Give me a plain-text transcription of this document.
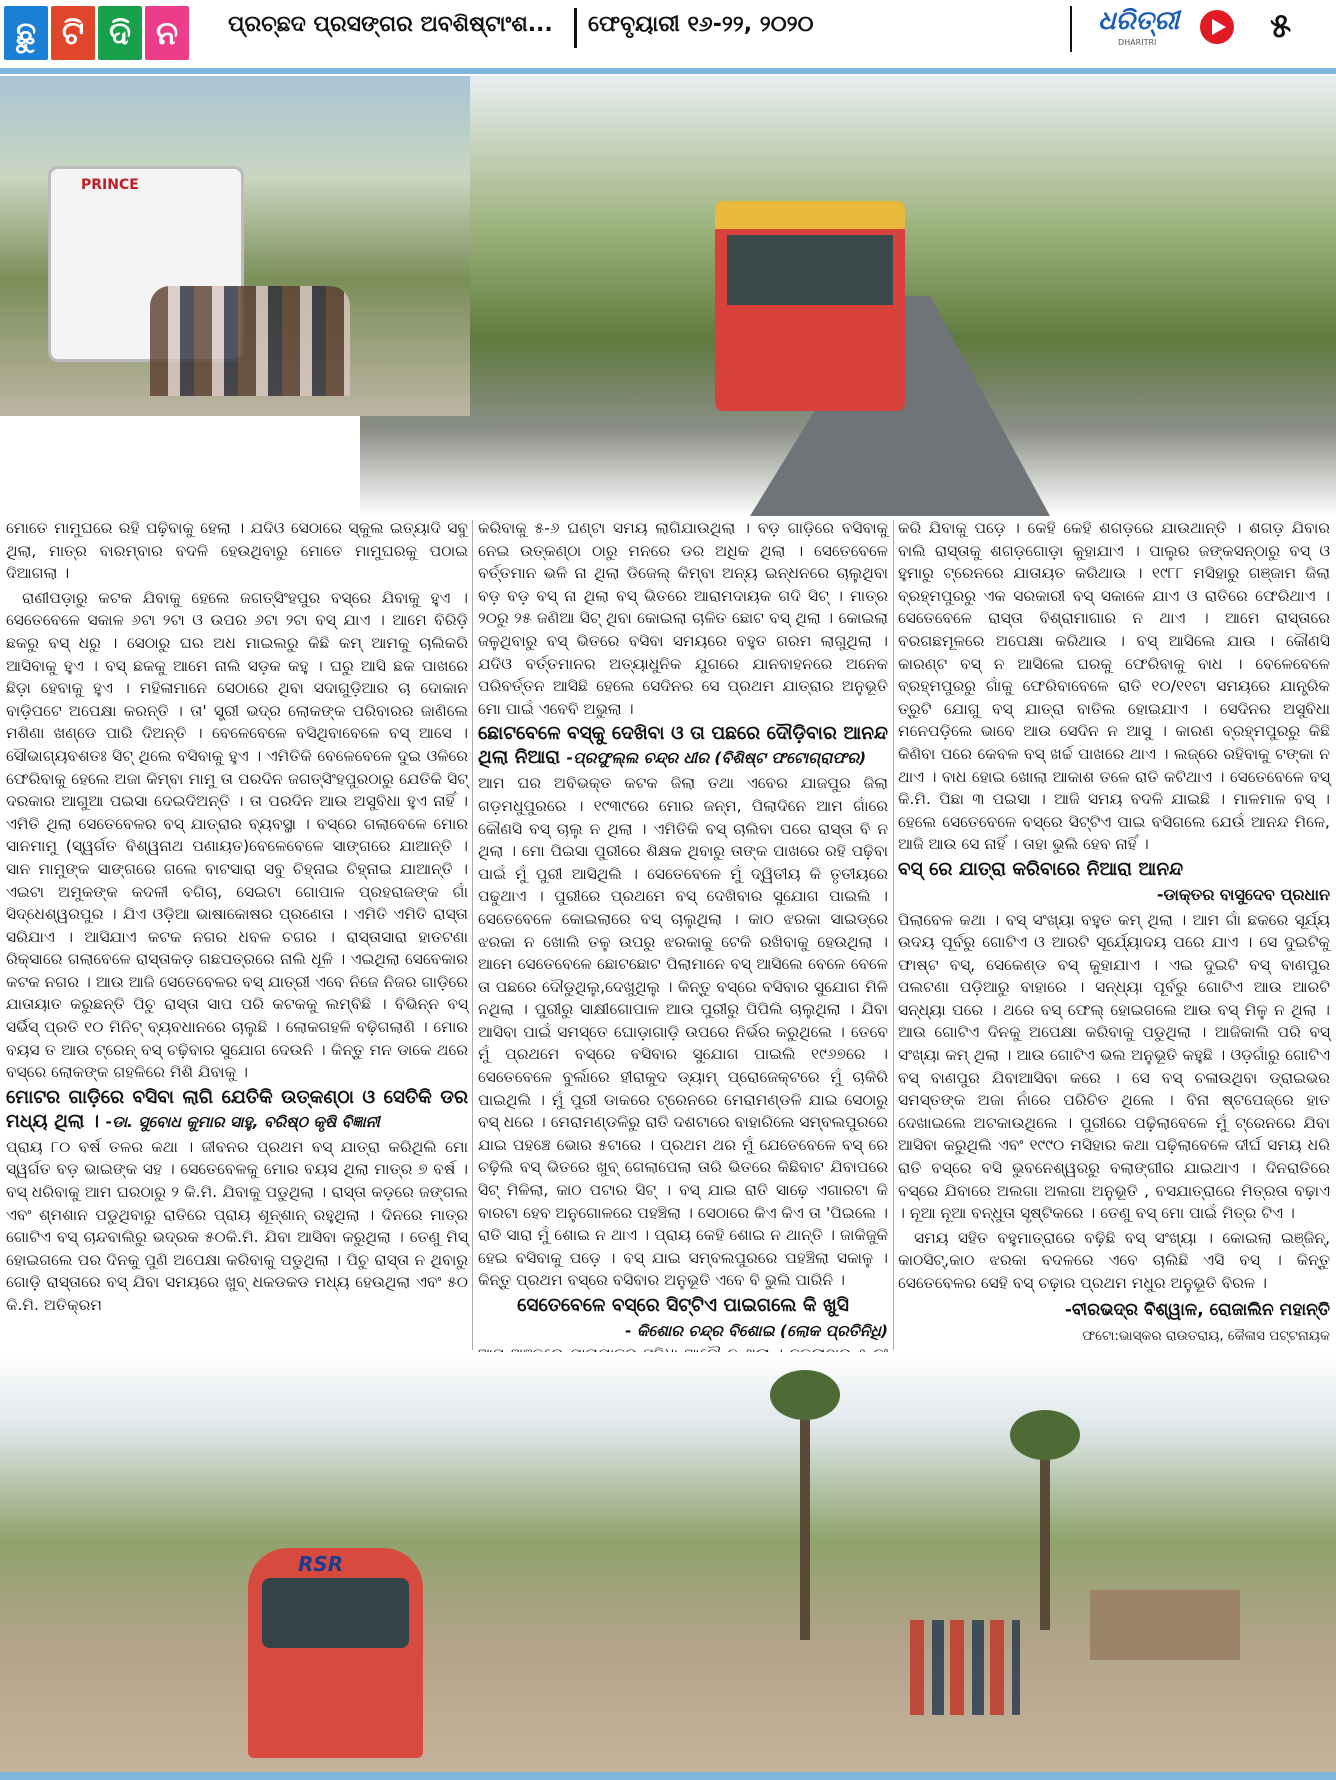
ଛୁ ଟି ଦି ନ	ପ୍ରଚ୍ଛଦ ପ୍ରସଙ୍ଗର ଅବଶିଷ୍ଟାଂଶ... ଫେବୃୟାରୀ ୧୬-୨୨, ୨୦୨୦	ଧରିତ୍ରୀ
DHARITRI	୫
PRINCE

ମୋତେ ମାମୁଘରେ ରହି ପଢ଼ିବାକୁ ହେଲା । ଯଦିଓ ସେଠାରେ ସ୍କୁଲ ଇତ୍ୟାଦି ସବୁ ଥିଲା, ମାତ୍ର ବାରମ୍ବାର ବଦଳି ହେଉଥିବାରୁ ମୋତେ ମାମୁଘରକୁ ପଠାଇ ଦିଆଗଲା ।

ରାଣୀପଡ଼ାରୁ କଟକ ଯିବାକୁ ହେଲେ ଜଗତ୍‌ସିଂହପୁର ବସ୍‌ରେ ଯିବାକୁ ହୁଏ । ସେତେବେଳେ ସକାଳ ୬ଟା ୨ଟା ଓ ଉପର ୬ଟା ୨ଟା ବସ୍ ଯାଏ । ଆମେ ବିରିଡ଼ି ଛକରୁ ବସ୍ ଧରୁ । ସେଠାରୁ ଘର ଅଧ ମାଇଲରୁ କିଛି କମ୍ ଆମକୁ ଚାଲିକରି ଆସିବାକୁ ହୁଏ । ବସ୍ ଛକକୁ ଆମେ ନାଲି ସଡ଼କ କହୁ । ଘରୁ ଆସି ଛକ ପାଖରେ ଛିଡ଼ା ହେବାକୁ ହୁଏ । ମହିଳାମାନେ ସେଠାରେ ଥିବା ସଦାଗୁଡ଼ିଆର ଚା ଦୋକାନ ବାଡ଼ିପଟେ ଅପେକ୍ଷା କରନ୍ତି । ତା' ସ୍ତ୍ରୀ ଭଦ୍ର ଲୋକଙ୍କ ପରିବାରର ଜାଣିଲେ ମଶିଣା ଖଣ୍ଡେ ପାରି ଦିଅନ୍ତି । ବେଳେବେଳେ ବସିଥିବାବେଳେ ବସ୍ ଆସେ । ସୌଭାଗ୍ୟବଶତଃ ସିଟ୍ ଥିଲେ ବସିବାକୁ ହୁଏ । ଏମିତିକି ବେଳେବେଳେ ଦୁଇ ଓଳିରେ ଫେରିବାକୁ ହେଲେ ଅଜା କିମ୍ବା ମାମୁ ତା ପରଦିନ ଜଗତ୍‌ସିଂହପୁରଠାରୁ ଯେତିକି ସିଟ୍ ଦରକାର ଆଗୁଆ ପଇସା ଦେଇଦିଅନ୍ତି । ତା ପରଦିନ ଆଉ ଅସୁବିଧା ହୁଏ ନାହିଁ । ଏମିତି ଥିଲା ସେତେବେଳର ବସ୍ ଯାତ୍ରାର ବ୍ୟବସ୍ଥା । ବସ୍‌ରେ ଗଲାବେଳେ ମୋର ସାନମାମୁ (ସ୍ୱର୍ଗତ ବିଶ୍ୱନାଥ ପଣାୟତ)ବେଳେବେଳେ ସାଙ୍ଗରେ ଯାଆନ୍ତି । ସାନ ମାମୁଙ୍କ ସାଙ୍ଗରେ ଗଲେ ବାଟସାରା ସବୁ ଚିହ୍ନାଇ ଚିହ୍ନାଇ ଯାଆନ୍ତି । ଏଇଟା ଅମୁକଙ୍କ କଦଳୀ ବଗିଚା, ସେଇଟା ଗୋପାଳ ପ୍ରହରାଜଙ୍କ ଗାଁ ସିଦ୍ଧେଶ୍ୱରପୁର । ଯିଏ ଓଡ଼ିଆ ଭାଷାକୋଷର ପ୍ରଣେତା । ଏମିତି ଏମିତି ରାସ୍ତା ସରିଯାଏ । ଆସିଯାଏ କଟକ ନଗର ଧବଳ ଚଗର । ରାସ୍ତାସାରା ହାତଟଣା ରିକ୍ସାରେ ଗଲାବେଳେ ରାସ୍ତାକଡ଼ ଗଛପତ୍ରରେ ନାଲି ଧୂଳି । ଏଇଥିଲା ସେବେକାର କଟକ ନଗର । ଆଉ ଆଜି ସେତେବେଳର ବସ୍ ଯାତ୍ରୀ ଏବେ ନିଜେ ନିଜର ଗାଡ଼ିରେ ଯାତାୟାତ କରୁଛନ୍ତି ପିଚୁ ରାସ୍ତା ସାପ ପରି କଟକକୁ ଲମ୍ବିଛି । ବିଭିନ୍ନ ବସ୍ ସର୍ଭିସ୍ ପ୍ରତି ୧୦ ମିନିଟ୍ ବ୍ୟବଧାନରେ ଚାଲୁଛି । ଲୋକଗହଳି ବଢ଼ିଗଲାଣି । ମୋର ବୟସ ତ ଆଉ ଟ୍ରେନ୍ ବସ୍ ଚଢ଼ିବାର ସୁଯୋଗ ଦେଉନି । କିନ୍ତୁ ମନ ଡାକେ ଥରେ ବସ୍‌ରେ ଲୋକଙ୍କ ଗହଳିରେ ମିଶି ଯିବାକୁ ।

ମୋଟର ଗାଡ଼ିରେ ବସିବା ଲାଗି ଯେତିକି ଉତ୍କଣ୍ଠା ଓ ସେତିକି ଡର ମଧ୍ୟ ଥିଲା । -ଡା. ସୁବୋଧ କୁମାର ସାହୁ, ବରିଷ୍ଠ କୃଷି ବିଜ୍ଞାନୀ

ପ୍ରାୟ ୮୦ ବର୍ଷ ତଳର କଥା । ଜୀବନର ପ୍ରଥମ ବସ୍ ଯାତ୍ରା କରିଥିଲି ମୋ ସ୍ୱର୍ଗତ ବଡ଼ ଭାଇଙ୍କ ସହ । ସେତେବେଳକୁ ମୋର ବୟସ ଥିଲା ମାତ୍ର ୭ ବର୍ଷ । ବସ୍ ଧରିବାକୁ ଆମ ଘରଠାରୁ ୨ କି.ମି. ଯିବାକୁ ପଡୁଥିଲା । ରାସ୍ତା କଡ଼ରେ ଜଙ୍ଗଲ ଏବଂ ଶ୍ମଶାନ ପଡୁଥିବାରୁ ରାତିରେ ପ୍ରାୟ ଶୂନ୍ଶାନ୍ ରହୁଥିଲା । ଦିନରେ ମାତ୍ର ଗୋଟିଏ ବସ୍ ଚାନ୍ଦବାଲିରୁ ଭଦ୍ରକ ୫୦କି.ମି. ଯିବା ଆସିବା କରୁଥିଲା । ତେଣୁ ମିସ୍ ହୋଇଗଲେ ପର ଦିନକୁ ପୁଣି ଅପେକ୍ଷା କରିବାକୁ ପଡୁଥିଲା । ପିଚୁ ରାସ୍ତା ନ ଥିବାରୁ ଗୋଡ଼ି ରାସ୍ତାରେ ବସ୍ ଯିବା ସମୟରେ ଖୁବ୍ ଧକଡକଡ ମଧ୍ୟ ହେଉଥିଲା ଏବଂ ୫୦ କି.ମି. ଅତିକ୍ରମ

କରିବାକୁ ୫-୬ ଘଣ୍ଟା ସମୟ ଲାଗିଯାଉଥିଲା । ବଡ଼ ଗାଡ଼ିରେ ବସିବାକୁ ନେଇ ଉତ୍କଣ୍ଠା ଠାରୁ ମନରେ ଡର ଅଧିକ ଥିଲା । ସେତେବେଳେ ବର୍ତ୍ତମାନ ଭଳି ନା ଥିଲା ଡିଜେଲ୍ କିମ୍ବା ଅନ୍ୟ ଇନ୍ଧନରେ ଚାଲୁଥିବା ବଡ଼ ବଡ଼ ବସ୍ ନା ଥିଲା ବସ୍ ଭିତରେ ଆରାମଦାୟକ ଗଦି ସିଟ୍ । ମାତ୍ର ୨୦ରୁ ୨୫ ଜଣିଆ ସିଟ୍ ଥିବା କୋଇଲା ଚାଳିତ ଛୋଟ ବସ୍ ଥିଲା । କୋଇଲା ଜଳୁଥିବାରୁ ବସ୍ ଭିତରେ ବସିବା ସମୟରେ ବହୁତ ଗରମ ଲାଗୁଥିଲା । ଯଦିଓ ବର୍ତ୍ତମାନର ଅତ୍ୟାଧୁନିକ ଯୁଗରେ ଯାନବାହନରେ ଅନେକ ପରିବର୍ତ୍ତନ ଆସିଛି ହେଲେ ସେଦିନର ସେ ପ୍ରଥମ ଯାତ୍ରାର ଅନୁଭୂତି ମୋ ପାଇଁ ଏବେବି ଅଭୁଲା ।

ଛୋଟବେଳେ ବସ୍‌କୁ ଦେଖିବା ଓ ତା ପଛରେ ଦୌଡ଼ିବାର ଆନନ୍ଦ ଥିଲା ନିଆରା -ପ୍ରଫୁଲ୍ଲ ଚନ୍ଦ୍ର ଧୀର (ବିଶିଷ୍ଟ ଫଟୋଗ୍ରାଫର)

ଆମ ଘର ଅବିଭକ୍ତ କଟକ ଜିଲା ତଥା ଏବେର ଯାଜପୁର ଜିଲା ଗଡ଼ମଧୁପୁରରେ । ୧୯୩୯ରେ ମୋର ଜନ୍ମ, ପିଲାଦିନେ ଆମ ଗାଁରେ କୌଣସି ବସ୍ ଚାଲୁ ନ ଥିଲା । ଏମିତିକି ବସ୍ ଚାଲିବା ପରେ ରାସ୍ତା ବି ନ ଥିଲା । ମୋ ପିଇସା ପୁରୀରେ ଶିକ୍ଷକ ଥିବାରୁ ତାଙ୍କ ପାଖରେ ରହି ପଢ଼ିବା ପାଇଁ ମୁଁ ପୁରୀ ଆସିଥିଲି । ସେତେବେଳେ ମୁଁ ଦ୍ୱିତୀୟ କି ତୃତୀୟରେ ପଢୁଥାଏ । ପୁରୀରେ ପ୍ରଥମେ ବସ୍ ଦେଖିବାର ସୁଯୋଗ ପାଇଲି । ସେତେବେଳେ କୋଇଲାରେ ବସ୍ ଚାଲୁଥିଲା । କାଠ ଝରକା ସାଇଡ୍‌ରେ ଝରକା ନ ଖୋଲି ତଳୁ ଉପରୁ ଝରକାକୁ ଟେକି ରଖିବାକୁ ହେଉଥିଲା । ଆମେ ସେତେବେଳେ ଛୋଟଛୋଟ ପିଲାମାନେ ବସ୍ ଆସିଲେ ବେଳେ ବେଳେ ତା ପଛରେ ଦୌଡୁଥିଲୁ,ଦେଖୁଥିଲୁ । କିନ୍ତୁ ବସ୍‌ରେ ବସିବାର ସୁଯୋଗ ମିଳି ନଥିଲା । ପୁରୀରୁ ସାକ୍ଷୀଗୋପାଳ ଆଉ ପୁରୀରୁ ପିପିଲି ଚାଲୁଥିଲା । ଯିବା ଆସିବା ପାଇଁ ସମସ୍ତେ ଘୋଡ଼ାଗାଡ଼ି ଉପରେ ନିର୍ଭର କରୁଥିଲେ । ତେବେ ମୁଁ ପ୍ରଥମେ ବସ୍‌ରେ ବସିବାର ସୁଯୋଗ ପାଇଲି ୧୯୬୭ରେ । ସେତେବେଳେ ବୁର୍ଲାରେ ହୀରାକୁଦ ଡ୍ୟାମ୍ ପ୍ରୋଜେକ୍ଟରେ ମୁଁ ଚାକିରି ପାଇଥିଲି । ମୁଁ ପୁରୀ ଡାକରେ ଟ୍ରେନରେ ମେରାମଣ୍ଡଳି ଯାଇ ସେଠାରୁ ବସ୍ ଧରେ । ମେରାମଣ୍ଡଳିରୁ ରାତି ଦଶଟାରେ ବାହାରିଲେ ସମ୍ବଲପୁରରେ ଯାଇ ପହଞ୍ଚେ ଭୋର ୫ଟାରେ । ପ୍ରଥମ ଥର ମୁଁ ଯେତେବେଳେ ବସ୍ ରେ ଚଢ଼ିଲି ବସ୍ ଭିତରେ ଖୁବ୍ ଗେଲାପେଲା ତାରି ଭିତରେ କିଛିବାଟ ଯିବାପରେ ସିଟ୍ ମିଳିଲା, କାଠ ପଟାର ସିଟ୍ । ବସ୍ ଯାଇ ରାତି ସାଢ଼େ ଏଗାରଟା କି ବାରଟା ହେବ ଅନୁଗୋଳରେ ପହଞ୍ଚିଲା । ସେଠାରେ କିଏ କିଏ ତା 'ପିଇଲେ । ରାତି ସାରା ମୁଁ ଶୋଇ ନ ଥାଏ । ପ୍ରାୟ କେହି ଶୋଇ ନ ଥାନ୍ତି । ଜାକିଜୁକି ହେଇ ବସିବାକୁ ପଡ଼େ । ବସ୍ ଯାଇ ସମ୍ବଲପୁରରେ ପହଞ୍ଚିଲା ସକାଳୁ । କିନ୍ତୁ ପ୍ରଥମ ବସ୍‌ରେ ବସିବାର ଅନୁଭୂତି ଏବେ ବି ଭୁଲି ପାରିନି ।

ସେତେବେଳେ ବସ୍‌ରେ ସିଟ୍‌ଟିଏ ପାଇଗଲେ କି ଖୁସି
- କିଶୋର ଚନ୍ଦ୍ର ବିଶୋଇ (ଲୋକ ପ୍ରତିନିଧି)

କରି ଯିବାକୁ ପଡ଼େ । କେହି କେହି ଶଗଡ଼ରେ ଯାଉଥାନ୍ତି । ଶଗଡ଼ ଯିବାର ବାଲି ରାସ୍ତାକୁ ଶଗଡ଼ଗୋଡ଼ା କୁହାଯାଏ । ପାଲୁର ଜଙ୍କସନ୍‌ଠାରୁ ବସ୍ ଓ ହୁମାରୁ ଟ୍ରେନରେ ଯାତାୟତ କରିଥାଉ । ୧୯୮୮ ମସିହାରୁ ଗଞ୍ଜାମ ଜିଲା ବ୍ରହ୍ମପୁରରୁ ଏକ ସରକାରୀ ବସ୍ ସକାଳେ ଯାଏ ଓ ରାତିରେ ଫେରିଥାଏ । ସେତେବେଳେ ରାସ୍ତା ବିଶ୍ରାମାଗାର ନ ଥାଏ । ଆମେ ରାସ୍ତାରେ ବରଗଛମୂଳରେ ଅପେକ୍ଷା କରିଥାଉ । ବସ୍ ଆସିଲେ ଯାଉ । କୌଣସି କାରଣ୍ଟ ବସ୍ ନ ଆସିଲେ ଘରକୁ ଫେରିବାକୁ ବାଧ । ବେଳେବେଳେ ବ୍ରହ୍ମପୁରରୁ ଗାଁକୁ ଫେରିବାବେଳେ ରାତି ୧୦/୧୧ଟା ସମୟରେ ଯାନ୍ତ୍ରିକ ତ୍ରୁଟି ଯୋଗୁ ବସ୍ ଯାତ୍ରା ବାତିଲ ହୋଇଯାଏ । ସେଦିନର ଅସୁବିଧା ମନେପଡ଼ିଲେ ଭାବେ ଆଉ ସେଦିନ ନ ଆସୁ । କାରଣ ବ୍ରହ୍ମପୁରରୁ କିଛି କିଣିବା ପରେ କେବଳ ବସ୍ ଖର୍ଚ୍ଚ ପାଖରେ ଥାଏ । ଲଜ୍‌ରେ ରହିବାକୁ ଟଙ୍କା ନ ଥାଏ । ବାଧ ହୋଇ ଖୋଲା ଆକାଶ ତଳେ ରାତି କଟିଥାଏ । ସେତେବେଳେ ବସ୍ କି.ମି. ପିଛା ୩ ପଇସା । ଆଜି ସମୟ ବଦଳି ଯାଇଛି । ମାଳମାଳ ବସ୍ । ହେଲେ ସେତେବେଳେ ବସ୍‌ରେ ସିଟ୍‌ଟିଏ ପାଇ ବସିଗଲେ ଯେଉଁ ଆନନ୍ଦ ମିଳେ, ଆଜି ଆଉ ସେ ନାହିଁ । ତାହା ଭୁଲି ହେବ ନାହିଁ ।

ବସ୍ ରେ ଯାତ୍ରା କରିବାରେ ନିଆରା ଆନନ୍ଦ
-ଡାକ୍ତର ବାସୁଦେବ ପ୍ରଧାନ

ପିଲାବେଳ କଥା । ବସ୍ ସଂଖ୍ୟା ବହୁତ କମ୍ ଥିଲା । ଆମ ଗାଁ ଛକରେ ସୂର୍ଯ୍ୟ ଉଦୟ ପୂର୍ବରୁ ଗୋଟିଏ ଓ ଆରଟି ସୂର୍ଯ୍ୟୋଦୟ ପରେ ଯାଏ । ସେ ଦୁଇଟିକୁ ଫାଷ୍ଟ ବସ୍, ସେକେଣ୍ଡ ବସ୍ କୁହାଯାଏ । ଏଇ ଦୁଇଟି ବସ୍ ବାଣପୁର ପଲଟଣା ପଡ଼ିଆରୁ ବାହାରେ । ସନ୍ଧ୍ୟା ପୂର୍ବରୁ ଗୋଟିଏ ଆଉ ଆରଟି ସନ୍ଧ୍ୟା ପରେ । ଥରେ ବସ୍ ଫେଲ୍ ହୋଇଗଲେ ଆଉ ବସ୍ ମିଳୁ ନ ଥିଲା । ଆଉ ଗୋଟିଏ ଦିନକୁ ଅପେକ୍ଷା କରିବାକୁ ପଡୁଥିଲା । ଆଜିକାଲି ପରି ବସ୍ ସଂଖ୍ୟା କମ୍ ଥିଲା । ଆଉ ଗୋଟିଏ ଭଲ ଅନୁଭୂତି କହୁଛି । ଓଡ଼ଗାଁରୁ ଗୋଟିଏ ବସ୍ ବାଣପୁର ଯିବାଆସିବା କରେ । ସେ ବସ୍ ଚଳାଉଥିବା ଡ୍ରାଇଭର ସମସ୍ତଙ୍କ ଅଜା ନାଁରେ ପରିଚିତ ଥିଲେ । ବିନା ଷ୍ଟପେଜ୍‌ରେ ହାତ ଦେଖାଇଲେ ଅଟକାଉଥିଲେ । ପୁରୀରେ ପଢ଼ିଲାବେଳେ ମୁଁ ଟ୍ରେନରେ ଯିବା ଆସିବା କରୁଥିଲି ଏବଂ ୧୯୯୦ ମସିହାର କଥା ପଢ଼ିଲାବେଳେ ଦୀର୍ଘ ସମୟ ଧରି ରାତି ବସ୍‌ରେ ବସି ଭୁବନେଶ୍ୱରରୁ ବଲାଙ୍ଗୀର ଯାଇଥାଏ । ଦିନରାତିରେ ବସ୍‌ରେ ଯିବାରେ ଅଲଗା ଅଲଗା ଅନୁଭୂତି , ବସଯାତ୍ରାରେ ମିତ୍ରତା ବଢ଼ାଏ । ନୂଆ ନୂଆ ବନ୍ଧୁତା ସୃଷ୍ଟିକରେ । ତେଣୁ ବସ୍ ମୋ ପାଇଁ ମିତ୍ର ଟିଏ ।

ସମୟ ସହିତ ବହୁମାତ୍ରାରେ ବଢ଼ିଛି ବସ୍ ସଂଖ୍ୟା । କୋଇଲା ଇଞ୍ଜିନ୍, କାଠସିଟ୍,କାଠ ଝରକା ବଦଳରେ ଏବେ ଚାଲିଛି ଏସି ବସ୍ । କିନ୍ତୁ ସେତେବେଳର ସେହି ବସ୍ ଚଢ଼ାର ପ୍ରଥମ ମଧୁର ଅନୁଭୂତି ବିରଳ ।

-ବୀରଭଦ୍ର ବିଶ୍ୱାଳ, ରୋଜାଲିନ ମହାନ୍ତି
ଫଟୋ:ଭାସ୍କର ରାଉତରାୟ, କୈଳାସ ପଟ୍ଟନାୟକ
RSR
